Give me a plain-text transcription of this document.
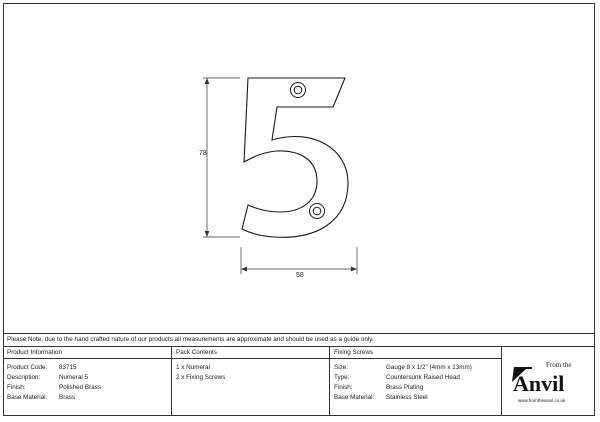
78
58
Please Note, due to the hand crafted nature of our products all measurements are approximate and should be used as a guide only.
Product Information
Product Code:	83715
Description:	Numeral 5
Finish:	Polished Brass
Base Material:	Brass
Pack Contents
1 x Numeral
2 x Fixing Screws
Fixing Screws
Size:	Gauge 8 x 1/2" (4mm x 13mm)
Type:	Countersunk Raised Head
Finish:	Brass Plating
Base Material:	Stainless Steel
From the
Anvil
www.fromtheanvil.co.uk
